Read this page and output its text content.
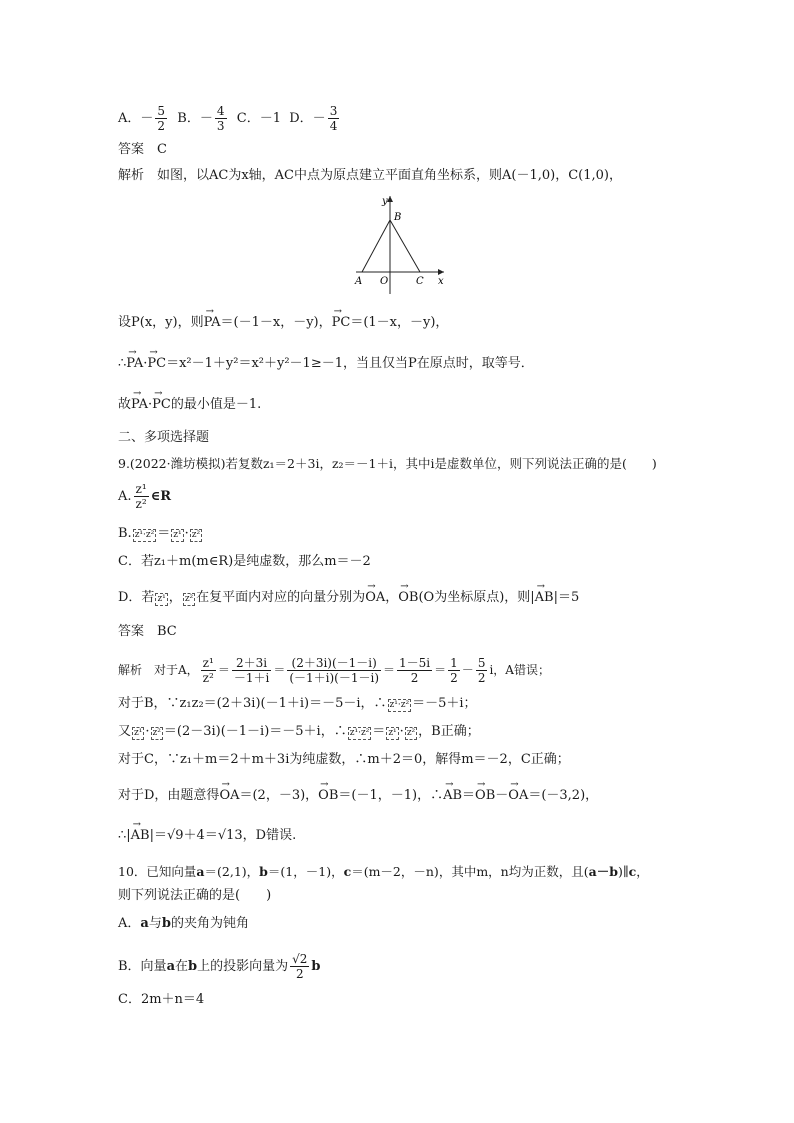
A．－ $\frac{5}{2}$ B．－ $\frac{4}{3}$ C．－1 D．－ $\frac{3}{4}$
答案　C
解析　如图，以AC为x轴，AC中点为原点建立平面直角坐标系，则A(－1,0)，C(1,0)，
y
B
x
A O	C
设P(x，y)，则→ PA＝(－1－x，－y)，→ PC＝(1－x，－y)，
∴→ PA·→ PC＝x²－1＋y²＝x²＋y²－1≥－1，当且仅当P在原点时，取等号．
故→ PA·→ PC的最小值是－1.
二、多项选择题
9.(2022·潍坊模拟)若复数z₁＝2＋3i，z₂＝－1＋i，其中i是虚数单位，则下列说法正确的是(　　)
A. $\frac{\text{z¹}}{\text{z²}}$ ∈R
B. z¹·z² ＝ z¹ · z²
C．若z₁＋m(m∈R)是纯虚数，那么m＝－2
D．若 z¹ ， z² 在复平面内对应的向量分别为→ OA，→ OB(O为坐标原点)，则|→ AB|＝5
答案　BC
解析　对于A， $\frac{\text{z¹}}{\text{z²}} = \frac{2+3i}{-1+i} = \frac{(2+3i)(-1-i)}{(-1+i)(-1-i)} = \frac{1-5i}{2} = \frac{1}{2} - \frac{5}{2}$ i，A错误；
对于B，∵z₁z₂＝(2＋3i)(－1＋i)＝－5－i，∴ z¹·z² ＝－5＋i；
又 z¹ · z² ＝(2－3i)(－1－i)＝－5＋i，∴ z¹·z² ＝ z¹ · z² ，B正确；
对于C，∵z₁＋m＝2＋m＋3i为纯虚数，∴m＋2＝0，解得m＝－2，C正确；
对于D，由题意得→ OA＝(2，－3)，→ OB＝(－1，－1)，∴→ AB＝→ OB－→ OA＝(－3,2)，
∴|→ AB|＝√9＋4＝√13，D错误.
10．已知向量a＝(2,1)，b＝(1，－1)，c＝(m－2，－n)，其中m，n均为正数，且(a－b)∥c，
则下列说法正确的是(　　)
A．a与b的夹角为钝角
B．向量a在b上的投影向量为 $\frac{√2}{2}$ b
C．2m＋n＝4
